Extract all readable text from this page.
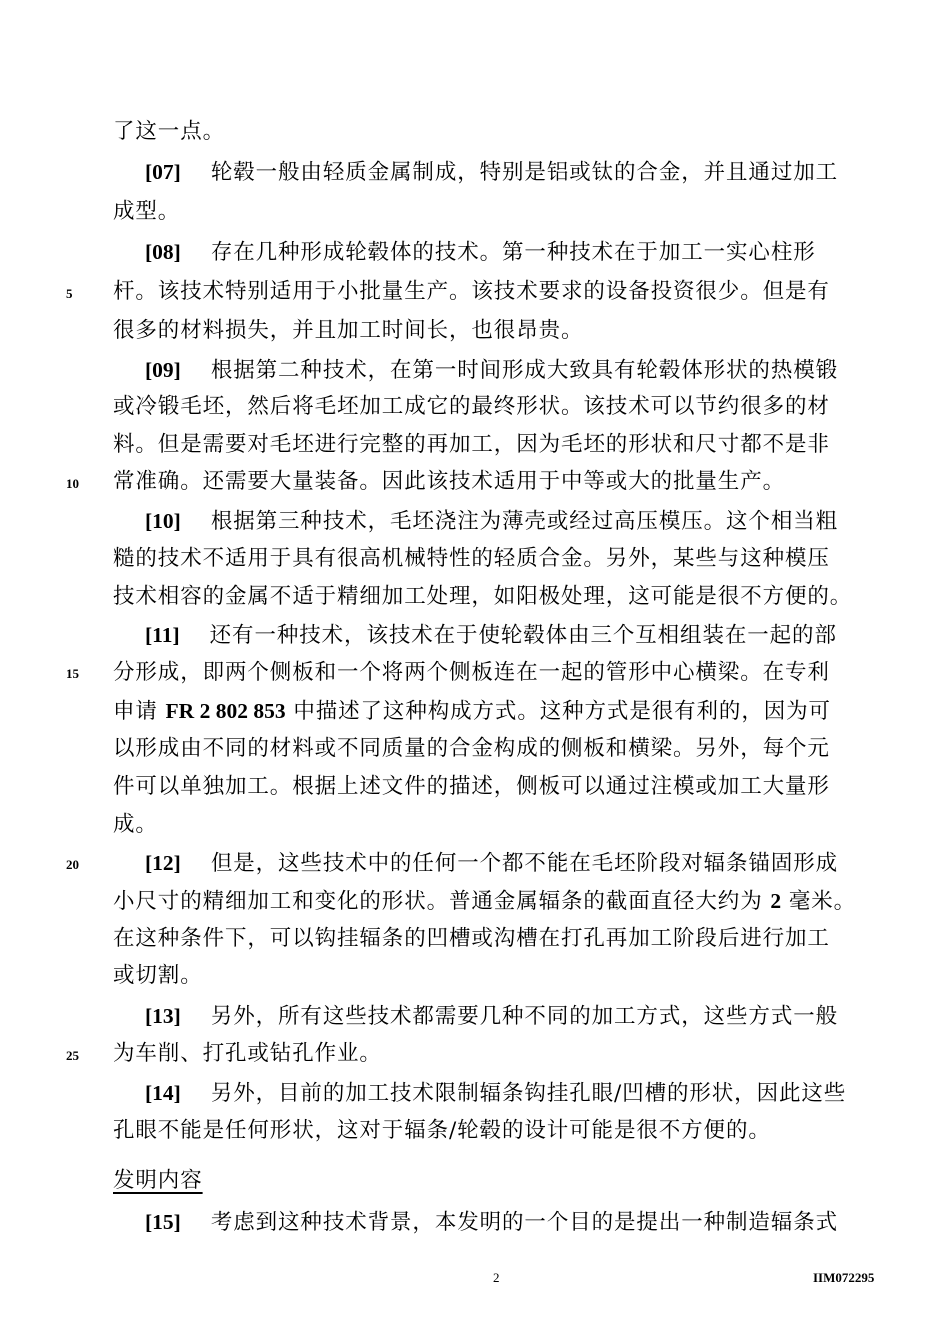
5
10
15
20
25
了这一点。
[07] 轮毂一般由轻质金属制成，特别是铝或钛的合金，并且通过加工
成型。
[08] 存在几种形成轮毂体的技术。第一种技术在于加工一实心柱形
杆。该技术特别适用于小批量生产。该技术要求的设备投资很少。但是有
很多的材料损失，并且加工时间长，也很昂贵。
[09] 根据第二种技术，在第一时间形成大致具有轮毂体形状的热模锻
或冷锻毛坯，然后将毛坯加工成它的最终形状。该技术可以节约很多的材
料。但是需要对毛坯进行完整的再加工，因为毛坯的形状和尺寸都不是非
常准确。还需要大量装备。因此该技术适用于中等或大的批量生产。
[10] 根据第三种技术，毛坯浇注为薄壳或经过高压模压。这个相当粗
糙的技术不适用于具有很高机械特性的轻质合金。另外，某些与这种模压
技术相容的金属不适于精细加工处理，如阳极处理，这可能是很不方便的。
[11] 还有一种技术，该技术在于使轮毂体由三个互相组装在一起的部
分形成，即两个侧板和一个将两个侧板连在一起的管形中心横梁。在专利
申请 FR 2 802 853 中描述了这种构成方式。这种方式是很有利的，因为可
以形成由不同的材料或不同质量的合金构成的侧板和横梁。另外，每个元
件可以单独加工。根据上述文件的描述，侧板可以通过注模或加工大量形
成。
[12] 但是，这些技术中的任何一个都不能在毛坯阶段对辐条锚固形成
小尺寸的精细加工和变化的形状。普通金属辐条的截面直径大约为 2 毫米。
在这种条件下，可以钩挂辐条的凹槽或沟槽在打孔再加工阶段后进行加工
或切割。
[13] 另外，所有这些技术都需要几种不同的加工方式，这些方式一般
为车削、打孔或钻孔作业。
[14] 另外，目前的加工技术限制辐条钩挂孔眼/凹槽的形状，因此这些
孔眼不能是任何形状，这对于辐条/轮毂的设计可能是很不方便的。
发明内容
[15] 考虑到这种技术背景，本发明的一个目的是提出一种制造辐条式
2	IIM072295
